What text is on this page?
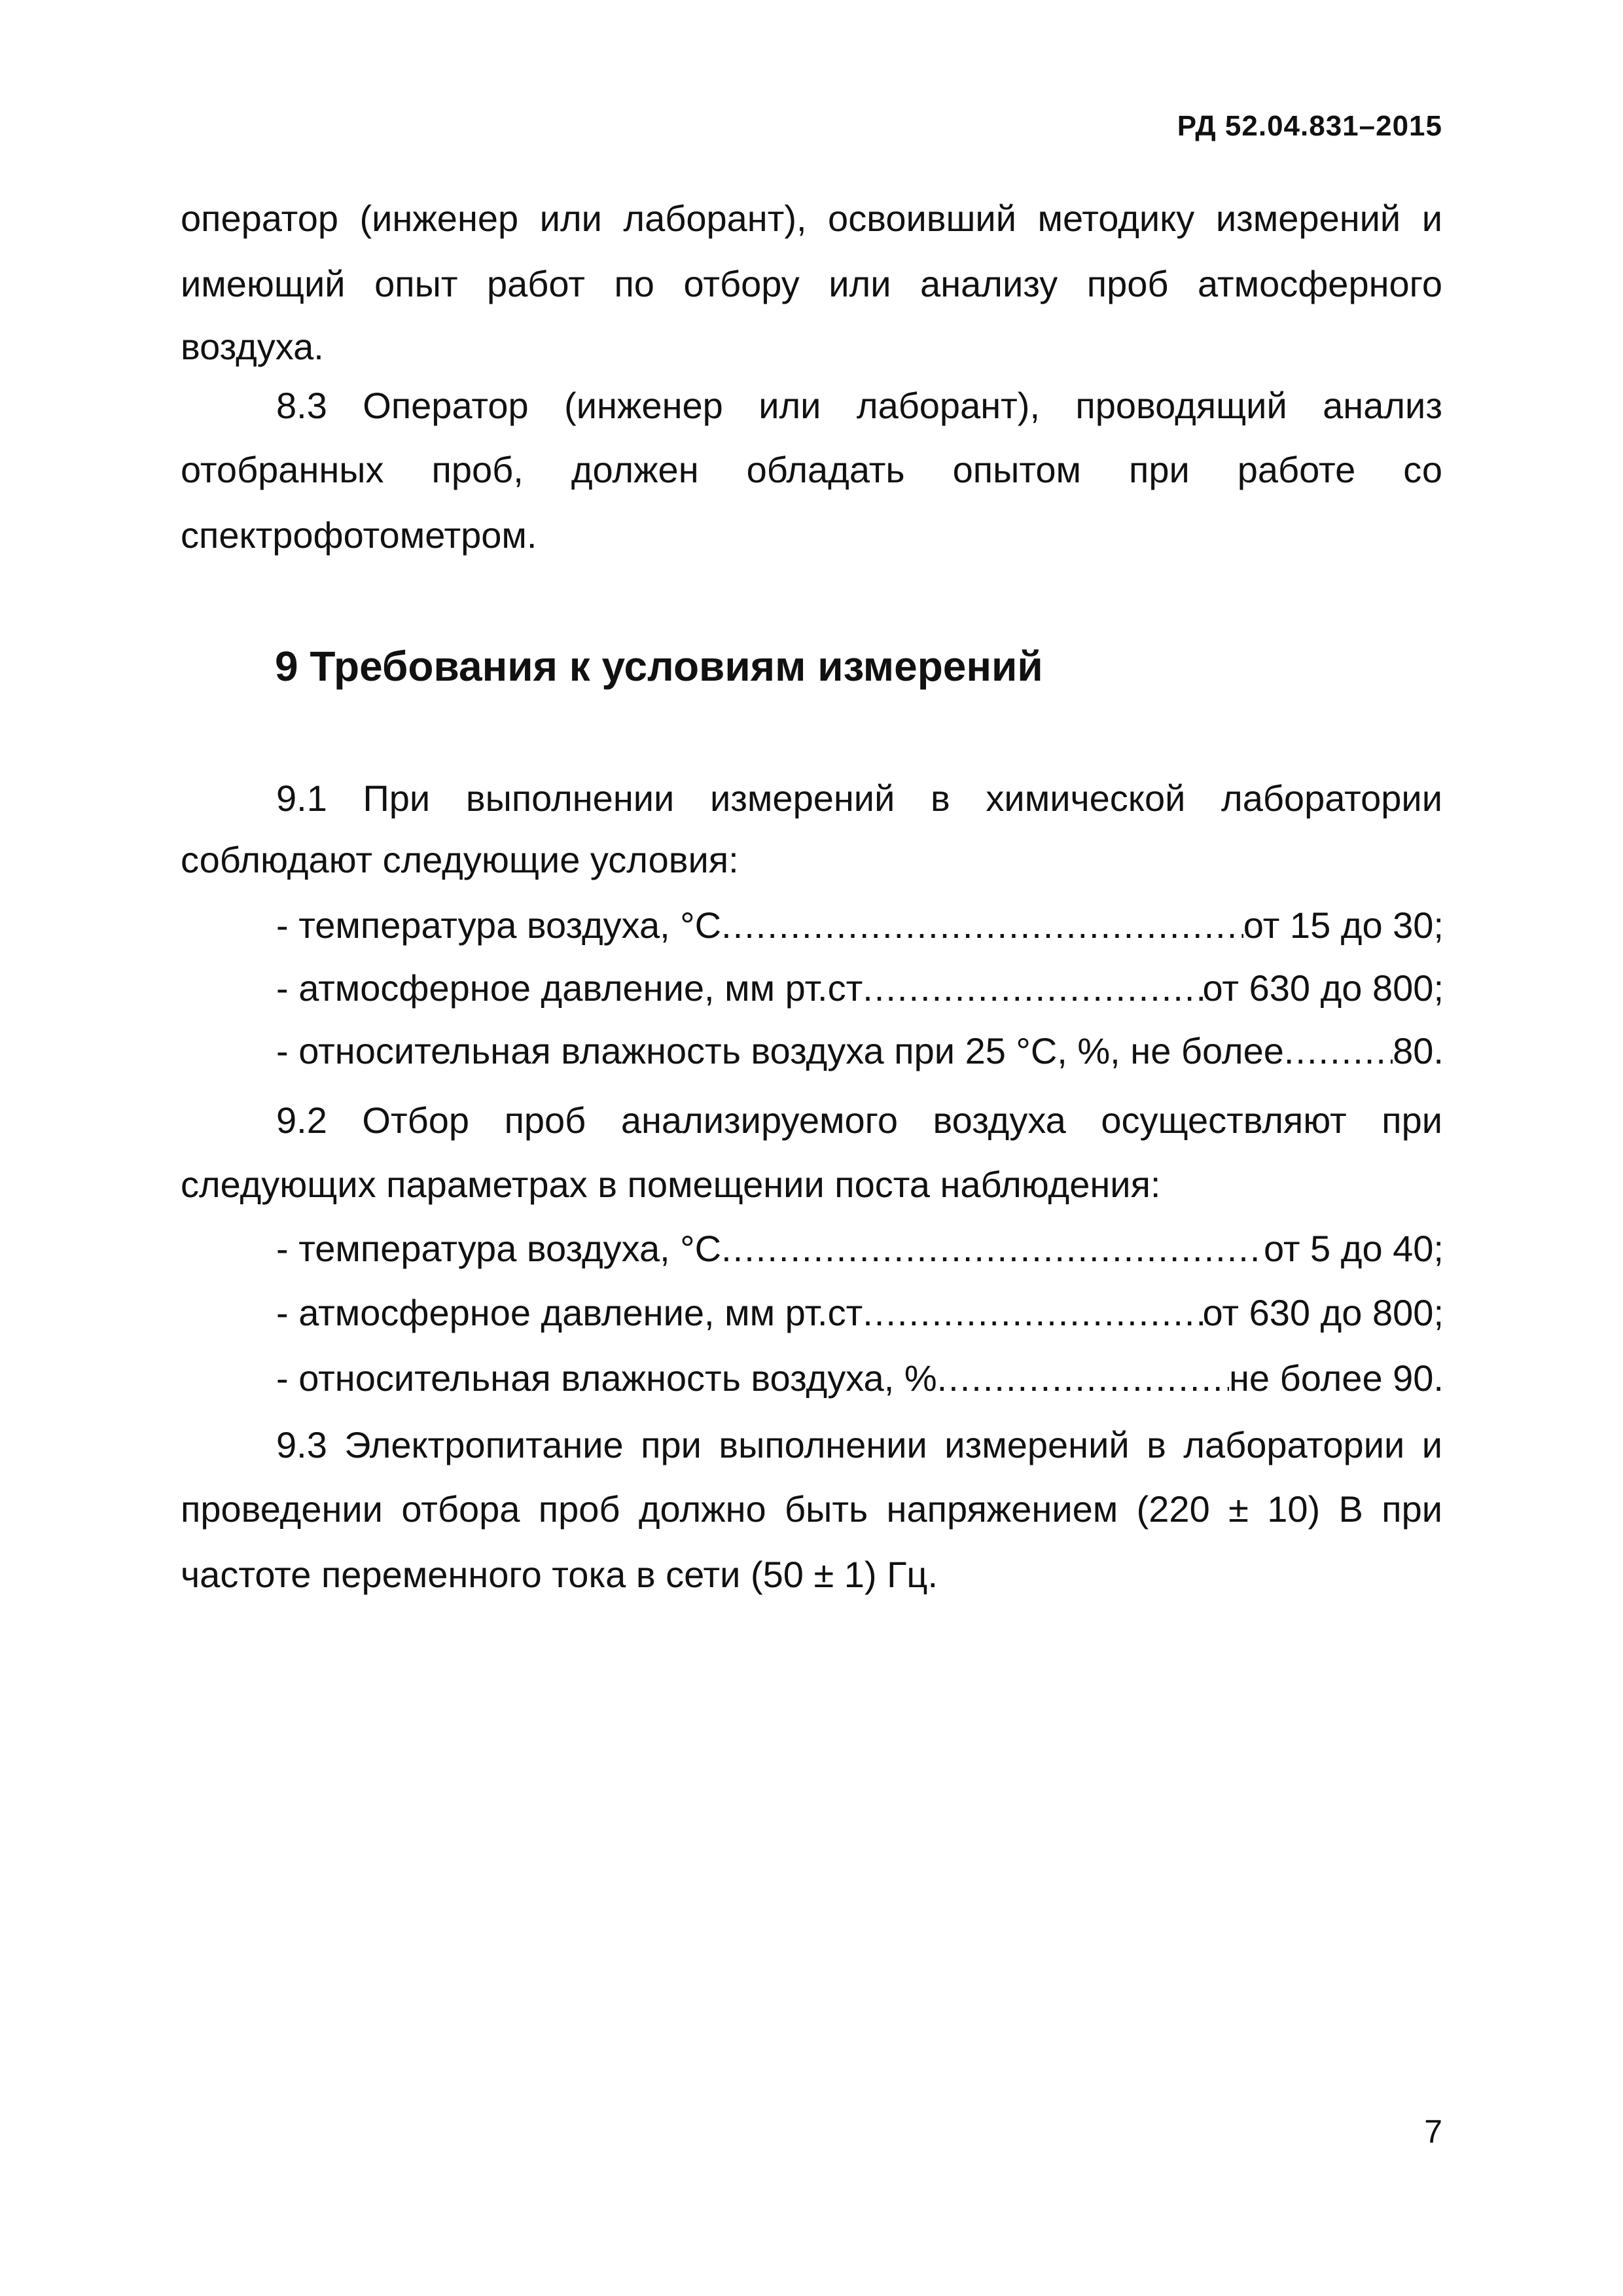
РД 52.04.831–2015
оператор (инженер или лаборант), освоивший методику измерений и
имеющий опыт работ по отбору или анализу проб атмосферного
воздуха.
8.3 Оператор (инженер или лаборант), проводящий анализ
отобранных проб, должен обладать опытом при работе со
спектрофотометром.
9 Требования к условиям измерений
9.1 При выполнении измерений в химической лаборатории
соблюдают следующие условия:
- температура воздуха, °С .....	от 15 до 30;
- атмосферное давление, мм рт.ст .....	от 630 до 800;
- относительная влажность воздуха при 25 °С, %, не более .....	80.
9.2 Отбор проб анализируемого воздуха осуществляют при
следующих параметрах в помещении поста наблюдения:
- температура воздуха, °С .....	от 5 до 40;
- атмосферное давление, мм рт.ст .....	от 630 до 800;
- относительная влажность воздуха, % .....	не более 90.
9.3 Электропитание при выполнении измерений в лаборатории и
проведении отбора проб должно быть напряжением (220 ± 10) В при
частоте переменного тока в сети (50 ± 1) Гц.
7
